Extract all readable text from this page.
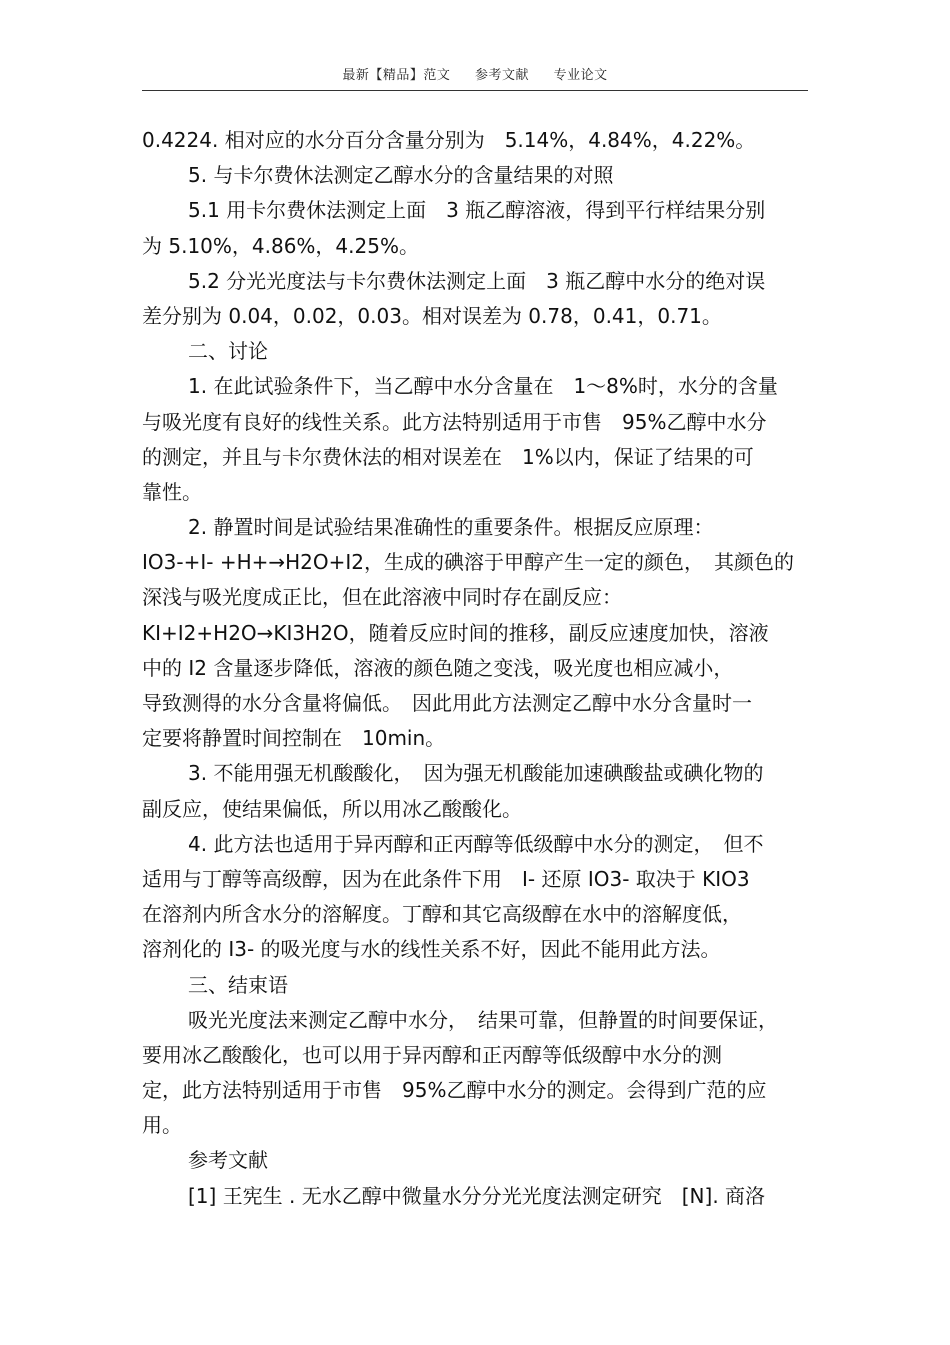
最新【精品】范文 参考文献 专业论文
0.4224. 相对应的水分百分含量分别为　5.14%，4.84%，4.22%。
5. 与卡尔费休法测定乙醇水分的含量结果的对照
5.1 用卡尔费休法测定上面　3 瓶乙醇溶液，得到平行样结果分别
为 5.10%，4.86%，4.25%。
5.2 分光光度法与卡尔费休法测定上面　3 瓶乙醇中水分的绝对误
差分别为 0.04，0.02，0.03。相对误差为 0.78，0.41，0.71。
二、讨论
1. 在此试验条件下，当乙醇中水分含量在　1～8%时，水分的含量
与吸光度有良好的线性关系。此方法特别适用于市售　95%乙醇中水分
的测定，并且与卡尔费休法的相对误差在　1%以内，保证了结果的可
靠性。
2. 静置时间是试验结果准确性的重要条件。根据反应原理：
IO3-+I- +H+→H2O+I2，生成的碘溶于甲醇产生一定的颜色，　其颜色的
深浅与吸光度成正比，但在此溶液中同时存在副反应：
KI+I2+H2O→KI3H2O，随着反应时间的推移，副反应速度加快，溶液
中的 I2 含量逐步降低，溶液的颜色随之变浅，吸光度也相应减小，
导致测得的水分含量将偏低。　因此用此方法测定乙醇中水分含量时一
定要将静置时间控制在　10min。
3. 不能用强无机酸酸化，　因为强无机酸能加速碘酸盐或碘化物的
副反应，使结果偏低，所以用冰乙酸酸化。
4. 此方法也适用于异丙醇和正丙醇等低级醇中水分的测定，　但不
适用与丁醇等高级醇，因为在此条件下用　I- 还原 IO3- 取决于 KIO3
在溶剂内所含水分的溶解度。丁醇和其它高级醇在水中的溶解度低，
溶剂化的 I3- 的吸光度与水的线性关系不好，因此不能用此方法。
三、结束语
吸光光度法来测定乙醇中水分，　结果可靠，但静置的时间要保证，
要用冰乙酸酸化，也可以用于异丙醇和正丙醇等低级醇中水分的测
定，此方法特别适用于市售　95%乙醇中水分的测定。会得到广范的应
用。
参考文献
[1] 王宪生 . 无水乙醇中微量水分分光光度法测定研究　[N]. 商洛
